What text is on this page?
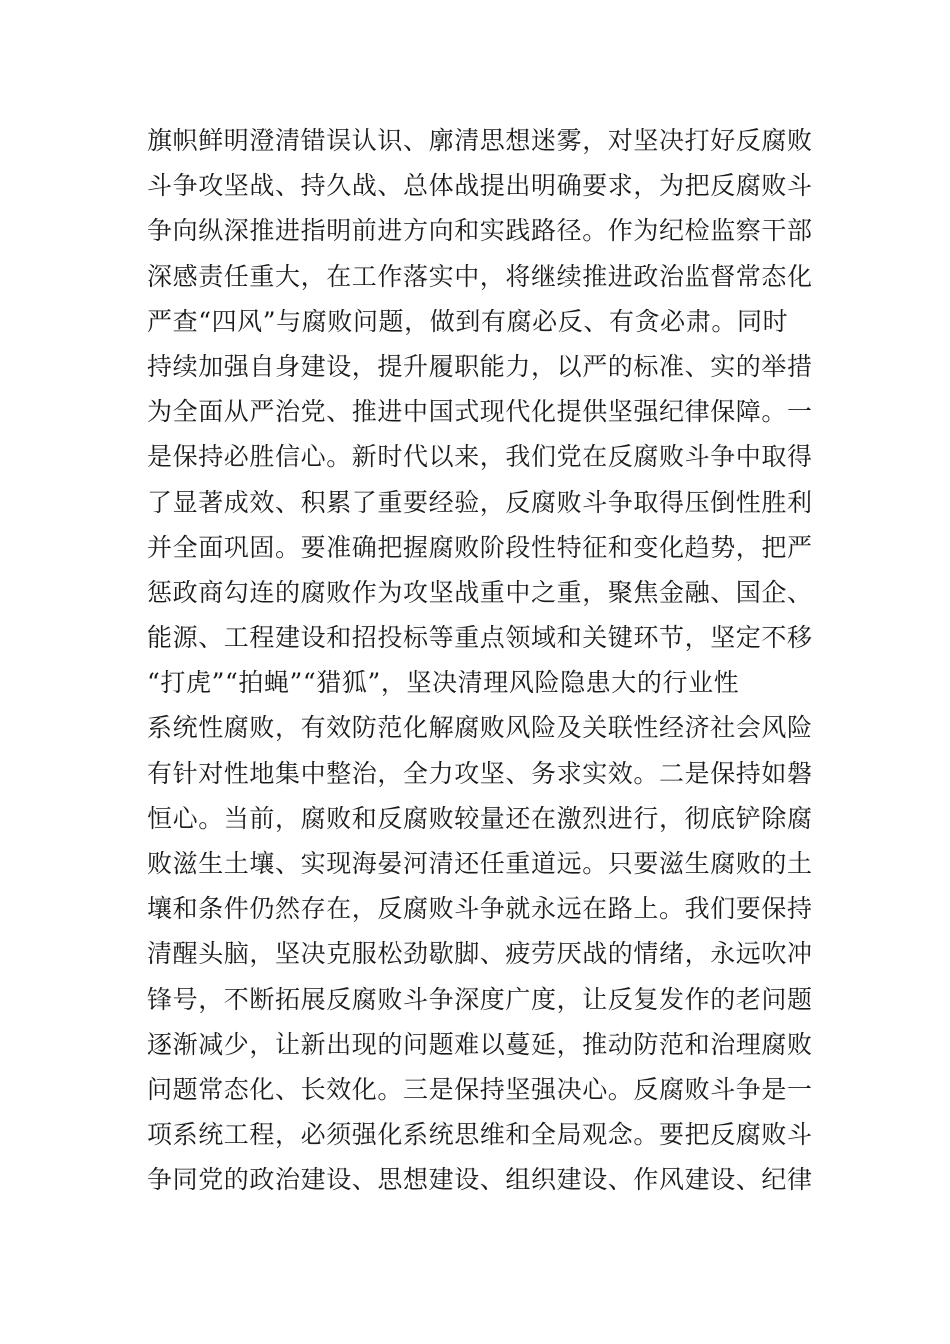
旗帜鲜明澄清错误认识、廓清思想迷雾，对坚决打好反腐败
斗争攻坚战、持久战、总体战提出明确要求，为把反腐败斗
争向纵深推进指明前进方向和实践路径。作为纪检监察干部
深感责任重大，在工作落实中，将继续推进政治监督常态化
严查“四风”与腐败问题，做到有腐必反、有贪必肃。同时
持续加强自身建设，提升履职能力，以严的标准、实的举措
为全面从严治党、推进中国式现代化提供坚强纪律保障。一
是保持必胜信心。新时代以来，我们党在反腐败斗争中取得
了显著成效、积累了重要经验，反腐败斗争取得压倒性胜利
并全面巩固。要准确把握腐败阶段性特征和变化趋势，把严
惩政商勾连的腐败作为攻坚战重中之重，聚焦金融、国企、
能源、工程建设和招投标等重点领域和关键环节，坚定不移
“打虎”“拍蝇”“猎狐”，坚决清理风险隐患大的行业性
系统性腐败，有效防范化解腐败风险及关联性经济社会风险
有针对性地集中整治，全力攻坚、务求实效。二是保持如磐
恒心。当前，腐败和反腐败较量还在激烈进行，彻底铲除腐
败滋生土壤、实现海晏河清还任重道远。只要滋生腐败的土
壤和条件仍然存在，反腐败斗争就永远在路上。我们要保持
清醒头脑，坚决克服松劲歇脚、疲劳厌战的情绪，永远吹冲
锋号，不断拓展反腐败斗争深度广度，让反复发作的老问题
逐渐减少，让新出现的问题难以蔓延，推动防范和治理腐败
问题常态化、长效化。三是保持坚强决心。反腐败斗争是一
项系统工程，必须强化系统思维和全局观念。要把反腐败斗
争同党的政治建设、思想建设、组织建设、作风建设、纪律
